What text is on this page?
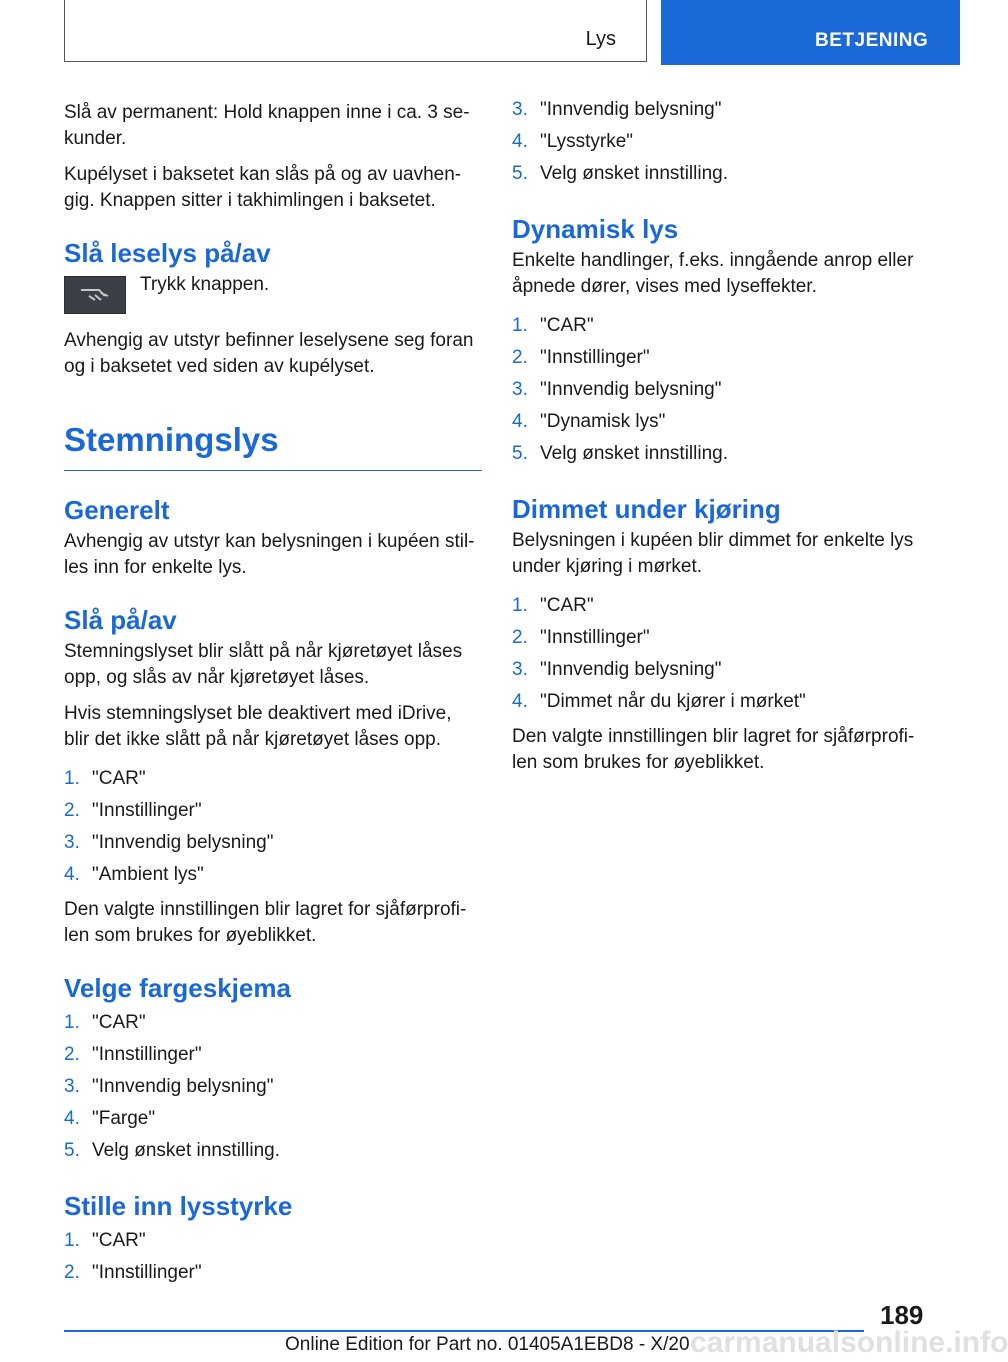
Lys	BETJENING

Slå av permanent: Hold knappen inne i ca. 3 se‐kunder.

Kupélyset i baksetet kan slås på og av uavhen‐gig. Knappen sitter i takhimlingen i baksetet.

Slå leselys på/av

Trykk knappen.

Avhengig av utstyr befinner leselysene seg foran og i baksetet ved siden av kupélyset.

Stemningslys
Generelt

Avhengig av utstyr kan belysningen i kupéen stil‐les inn for enkelte lys.

Slå på/av

Stemningslyset blir slått på når kjøretøyet låses opp, og slås av når kjøretøyet låses.

Hvis stemningslyset ble deaktivert med iDrive, blir det ikke slått på når kjøretøyet låses opp.

1. "CAR"
2. "Innstillinger"
3. "Innvendig belysning"
4. "Ambient lys"

Den valgte innstillingen blir lagret for sjåførprofi‐len som brukes for øyeblikket.

Velge fargeskjema
1. "CAR"
2. "Innstillinger"
3. "Innvendig belysning"
4. "Farge"
5. Velg ønsket innstilling.
Stille inn lysstyrke
1. "CAR"
2. "Innstillinger"
3. "Innvendig belysning"
4. "Lysstyrke"
5. Velg ønsket innstilling.
Dynamisk lys

Enkelte handlinger, f.eks. inngående anrop eller åpnede dører, vises med lyseffekter.

1. "CAR"
2. "Innstillinger"
3. "Innvendig belysning"
4. "Dynamisk lys"
5. Velg ønsket innstilling.
Dimmet under kjøring

Belysningen i kupéen blir dimmet for enkelte lys under kjøring i mørket.

1. "CAR"
2. "Innstillinger"
3. "Innvendig belysning"
4. "Dimmet når du kjører i mørket"

Den valgte innstillingen blir lagret for sjåførprofi‐len som brukes for øyeblikket.

189
carmanualsonline.info
Online Edition for Part no. 01405A1EBD8 - X/20
